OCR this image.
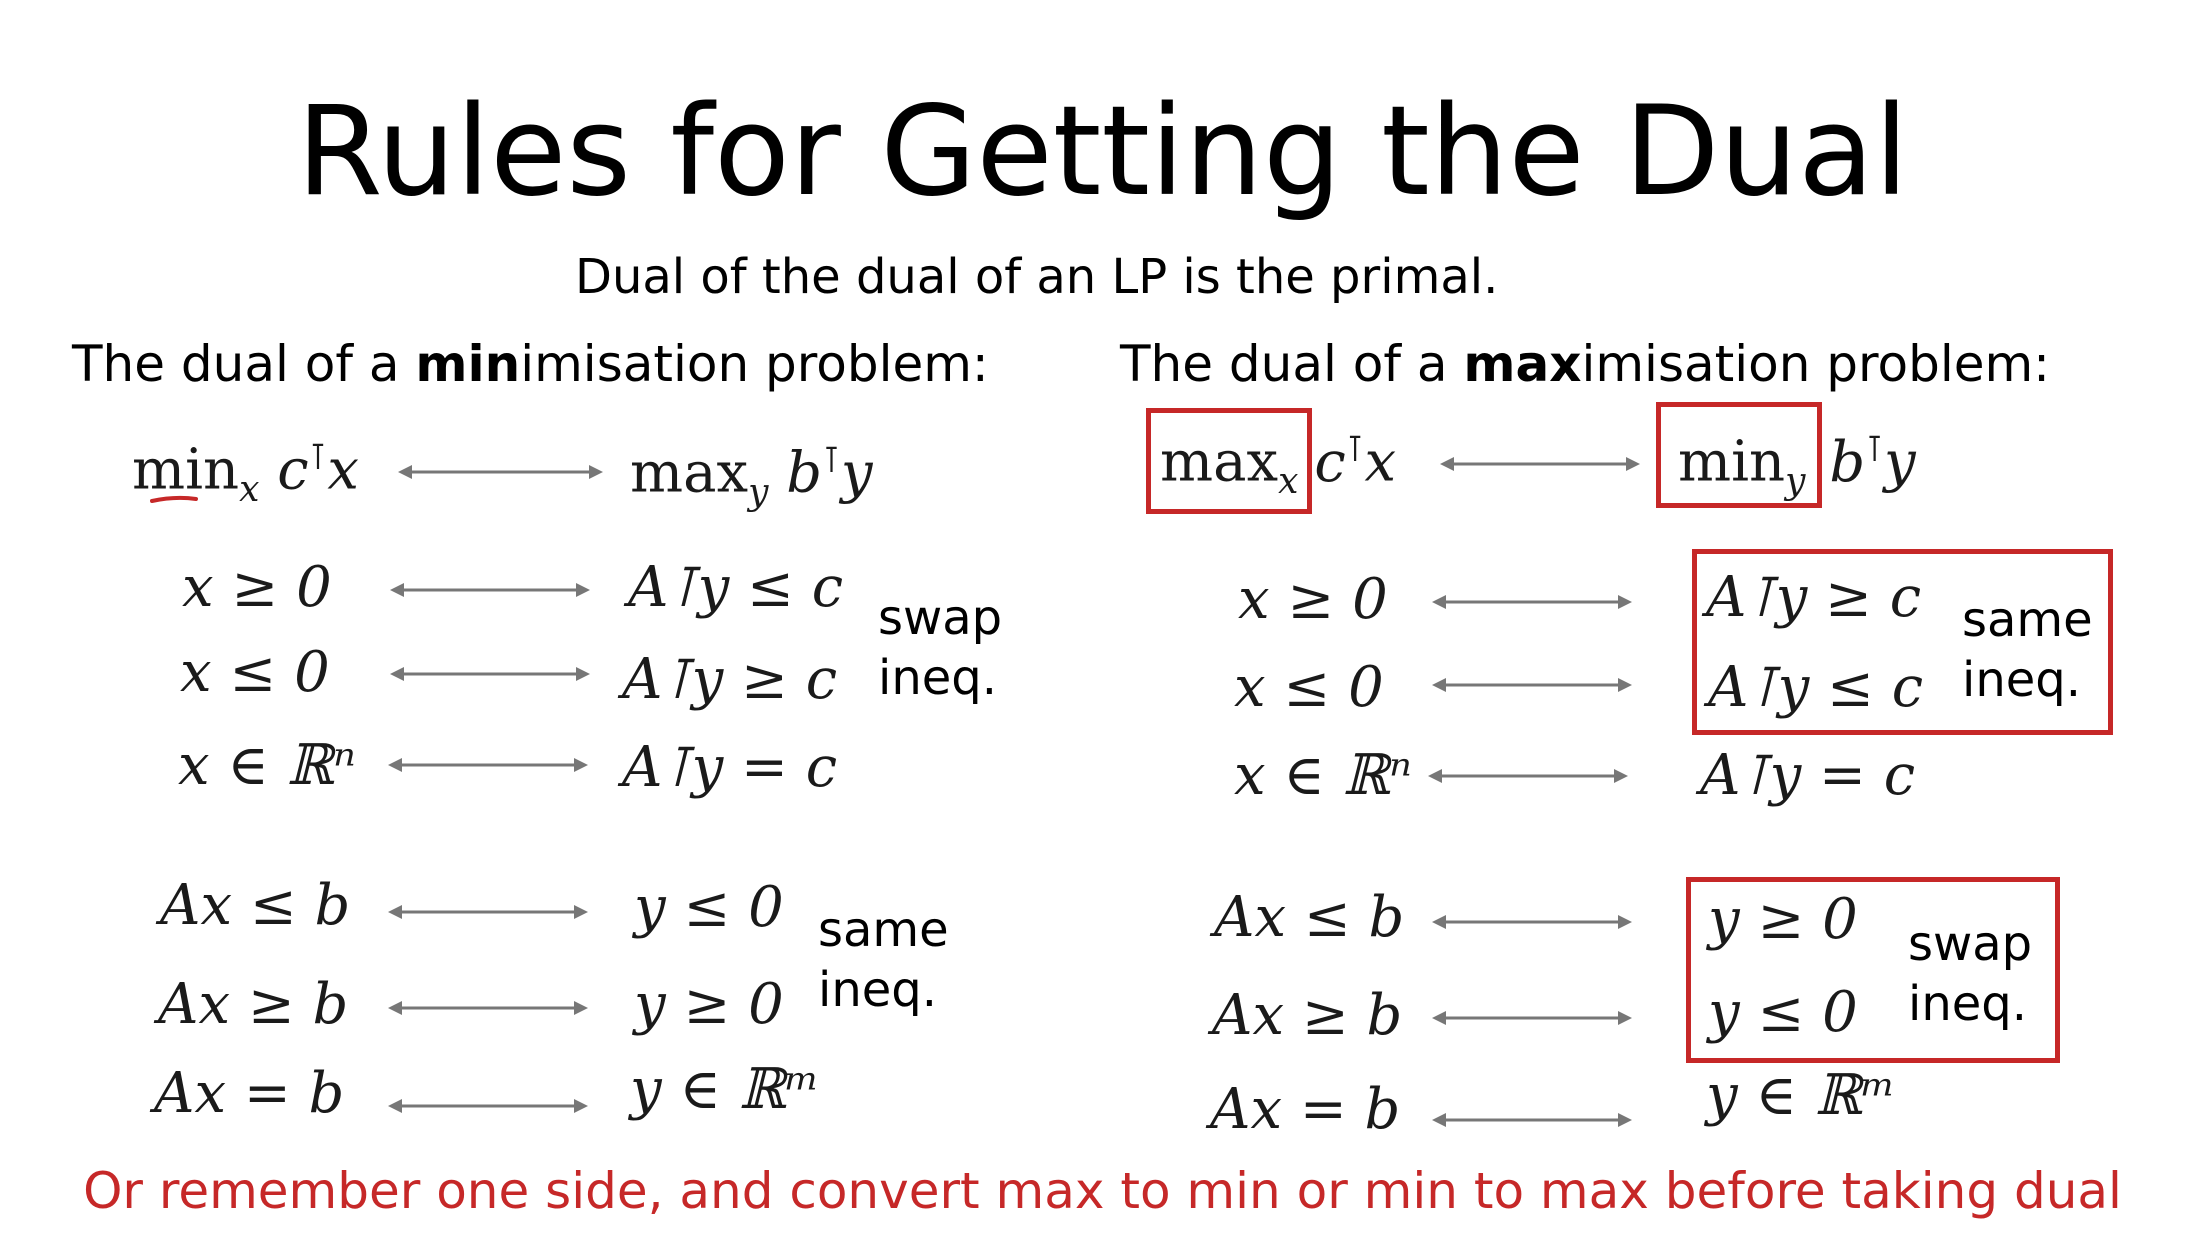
Rules for Getting the Dual
Dual of the dual of an LP is the primal.
The dual of a minimisation problem:	The dual of a maximisation problem:
$\min_x c^⊺x$	$\max_y b^⊺y$
x ≥ 0	A⊺y ≤ c
x ≤ 0	A⊺y ≥ c
x ∈ ℝⁿ	A⊺y = c
swap
ineq.
Ax ≤ b	y ≤ 0
Ax ≥ b	y ≥ 0
Ax = b	y ∈ ℝᵐ
same
ineq.
$\max_x c^⊺x$	$\min_y b^⊺y$
x ≥ 0	A⊺y ≥ c
x ≤ 0	A⊺y ≤ c
x ∈ ℝⁿ	A⊺y = c
same
ineq.
Ax ≤ b	y ≥ 0
Ax ≥ b	y ≤ 0
Ax = b	y ∈ ℝᵐ
swap
ineq.
Or remember one side, and convert max to min or min to max before taking dual
